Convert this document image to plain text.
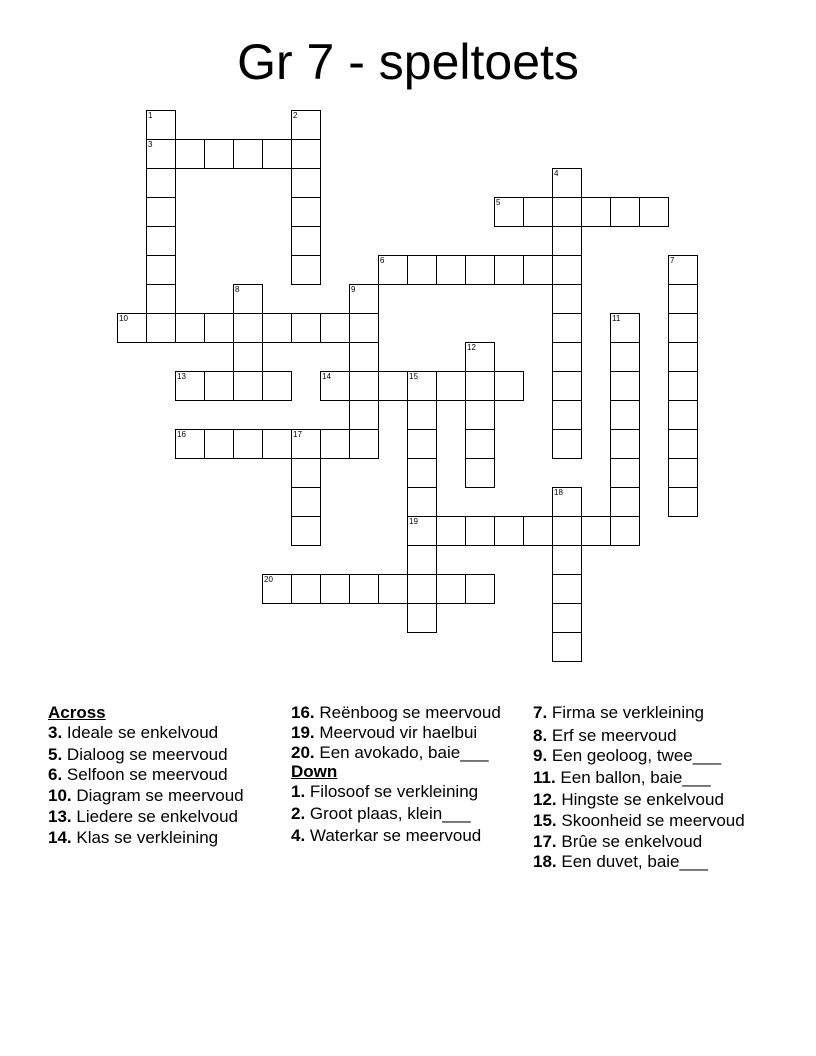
Gr 7 - speltoets
1
3
2
4
5
6	7
8	9
10	11
12
13	14	15
19
16	17
18
20
Across
3. Ideale se enkelvoud
5. Dialoog se meervoud
6. Selfoon se meervoud
10. Diagram se meervoud
13. Liedere se enkelvoud
14. Klas se verkleining
16. Reënboog se meervoud
19. Meervoud vir haelbui
20. Een avokado, baie___
Down
1. Filosoof se verkleining
2. Groot plaas, klein___
4. Waterkar se meervoud
7. Firma se verkleining
8. Erf se meervoud
9. Een geoloog, twee___
11. Een ballon, baie___
12. Hingste se enkelvoud
15. Skoonheid se meervoud
17. Brûe se enkelvoud
18. Een duvet, baie___
